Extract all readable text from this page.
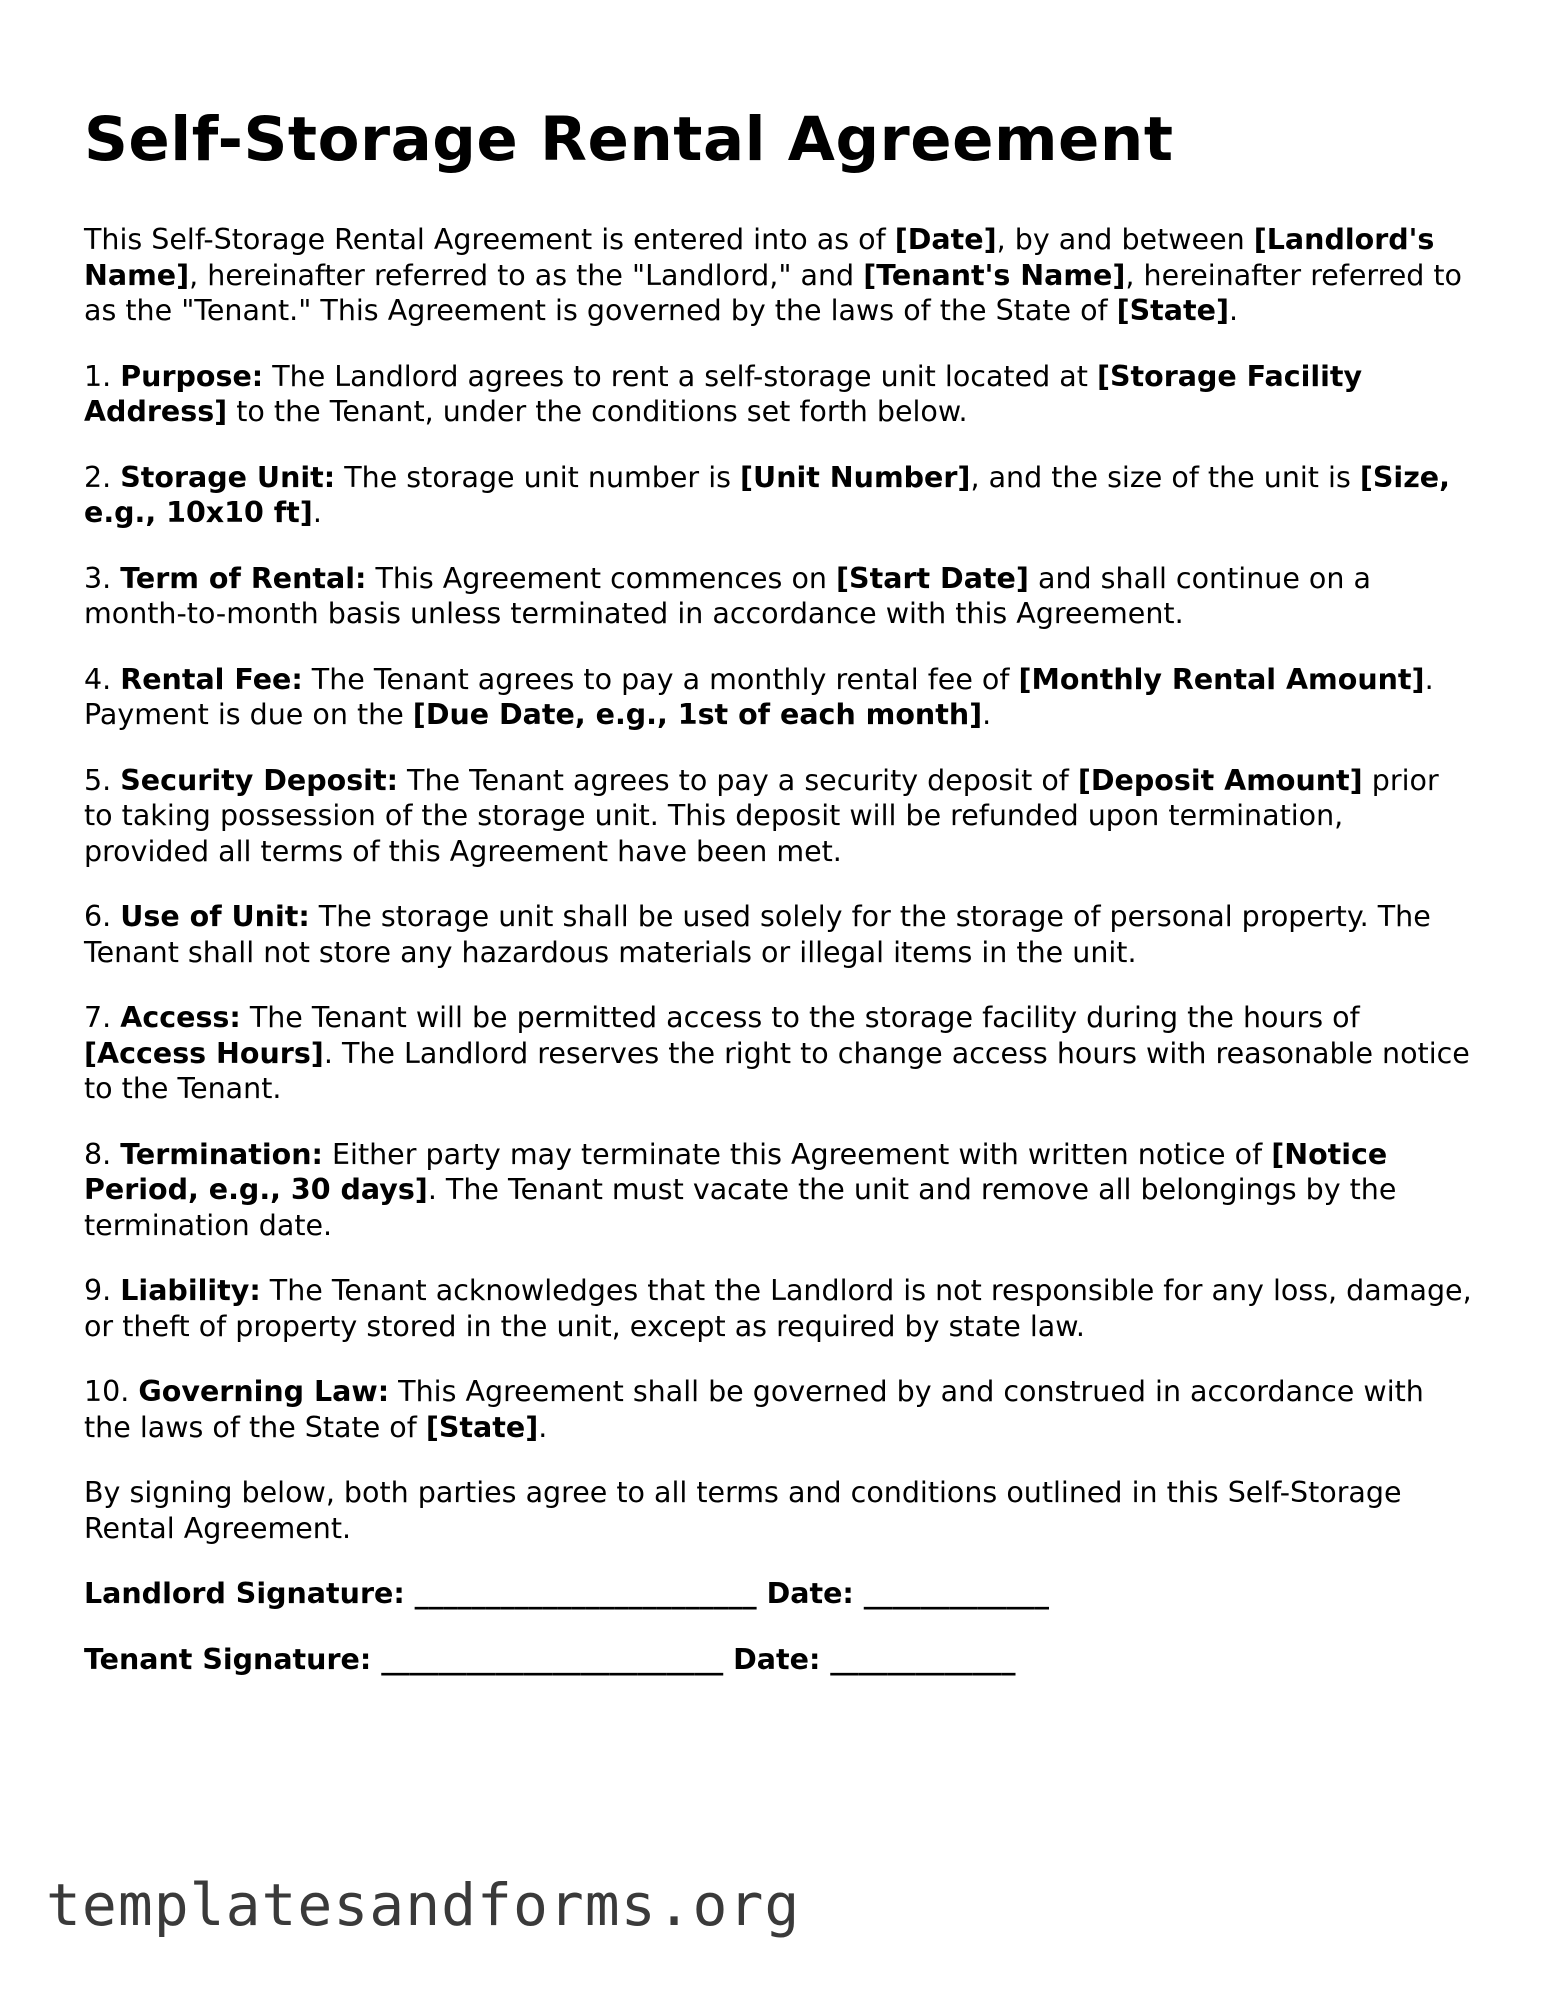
Self-Storage Rental Agreement

This Self-Storage Rental Agreement is entered into as of [Date], by and between [Landlord's Name], hereinafter referred to as the "Landlord," and [Tenant's Name], hereinafter referred to as the "Tenant." This Agreement is governed by the laws of the State of [State].

1. Purpose: The Landlord agrees to rent a self-storage unit located at [Storage Facility Address] to the Tenant, under the conditions set forth below.
2. Storage Unit: The storage unit number is [Unit Number], and the size of the unit is [Size, e.g., 10x10 ft].
3. Term of Rental: This Agreement commences on [Start Date] and shall continue on a month-to-month basis unless terminated in accordance with this Agreement.
4. Rental Fee: The Tenant agrees to pay a monthly rental fee of [Monthly Rental Amount]. Payment is due on the [Due Date, e.g., 1st of each month].
5. Security Deposit: The Tenant agrees to pay a security deposit of [Deposit Amount] prior to taking possession of the storage unit. This deposit will be refunded upon termination, provided all terms of this Agreement have been met.
6. Use of Unit: The storage unit shall be used solely for the storage of personal property. The Tenant shall not store any hazardous materials or illegal items in the unit.
7. Access: The Tenant will be permitted access to the storage facility during the hours of [Access Hours]. The Landlord reserves the right to change access hours with reasonable notice to the Tenant.
8. Termination: Either party may terminate this Agreement with written notice of [Notice Period, e.g., 30 days]. The Tenant must vacate the unit and remove all belongings by the termination date.
9. Liability: The Tenant acknowledges that the Landlord is not responsible for any loss, damage, or theft of property stored in the unit, except as required by state law.
10. Governing Law: This Agreement shall be governed by and construed in accordance with the laws of the State of [State].

By signing below, both parties agree to all terms and conditions outlined in this Self-Storage Rental Agreement.

Landlord Signature: ________________________ Date: _____________
Tenant Signature: ________________________ Date: _____________
templatesandforms.org
